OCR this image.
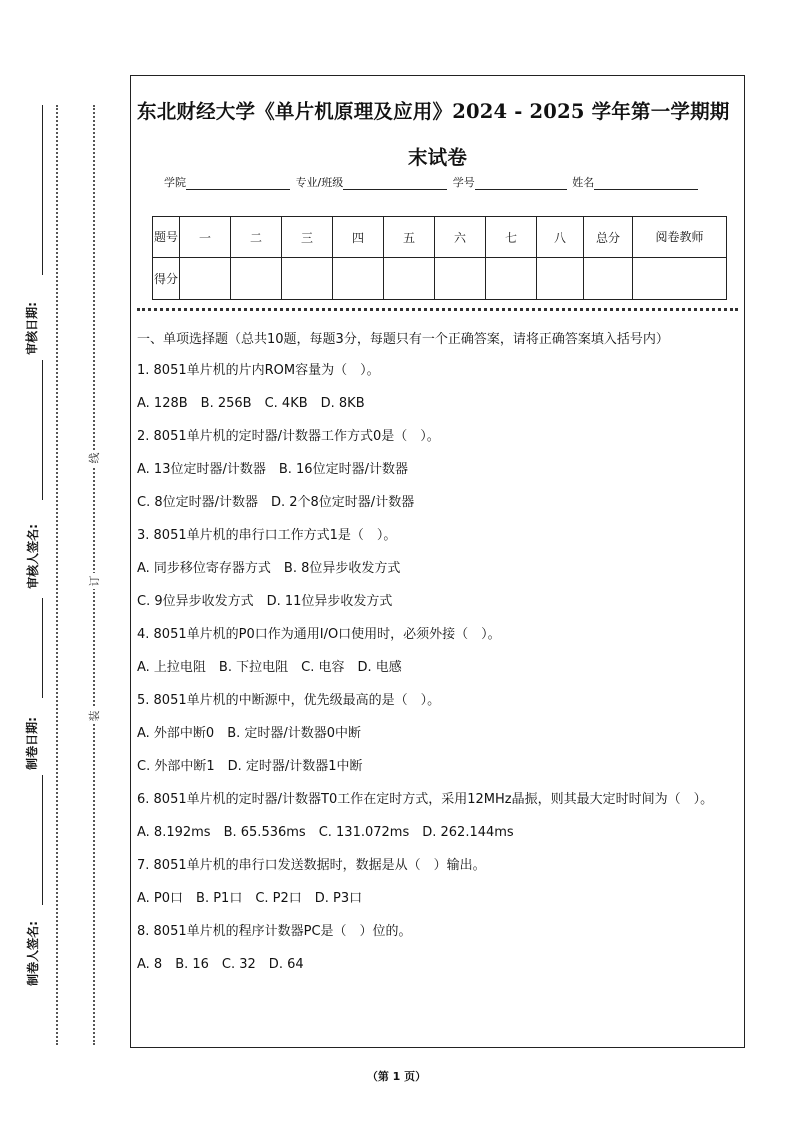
审核日期:
审核人签名:
制卷日期:
制卷人签名:
线
订
装
东北财经大学《单片机原理及应用》2024 - 2025 学年第一学期期
末试卷
学院	专业/班级	学号	姓名
题号	一	二	三	四	五	六	七	八	总分	阅卷教师
得分										

一、单项选择题（总共10题，每题3分，每题只有一个正确答案，请将正确答案填入括号内）

1. 8051单片机的片内ROM容量为（　）。

A. 128B　B. 256B　C. 4KB　D. 8KB

2. 8051单片机的定时器/计数器工作方式0是（　）。

A. 13位定时器/计数器　B. 16位定时器/计数器

C. 8位定时器/计数器　D. 2个8位定时器/计数器

3. 8051单片机的串行口工作方式1是（　）。

A. 同步移位寄存器方式　B. 8位异步收发方式

C. 9位异步收发方式　D. 11位异步收发方式

4. 8051单片机的P0口作为通用I/O口使用时，必须外接（　）。

A. 上拉电阻　B. 下拉电阻　C. 电容　D. 电感

5. 8051单片机的中断源中，优先级最高的是（　）。

A. 外部中断0　B. 定时器/计数器0中断

C. 外部中断1　D. 定时器/计数器1中断

6. 8051单片机的定时器/计数器T0工作在定时方式，采用12MHz晶振，则其最大定时时间为（　）。

A. 8.192ms　B. 65.536ms　C. 131.072ms　D. 262.144ms

7. 8051单片机的串行口发送数据时，数据是从（　）输出。

A. P0口　B. P1口　C. P2口　D. P3口

8. 8051单片机的程序计数器PC是（　）位的。

A. 8　B. 16　C. 32　D. 64

（第 1 页）
